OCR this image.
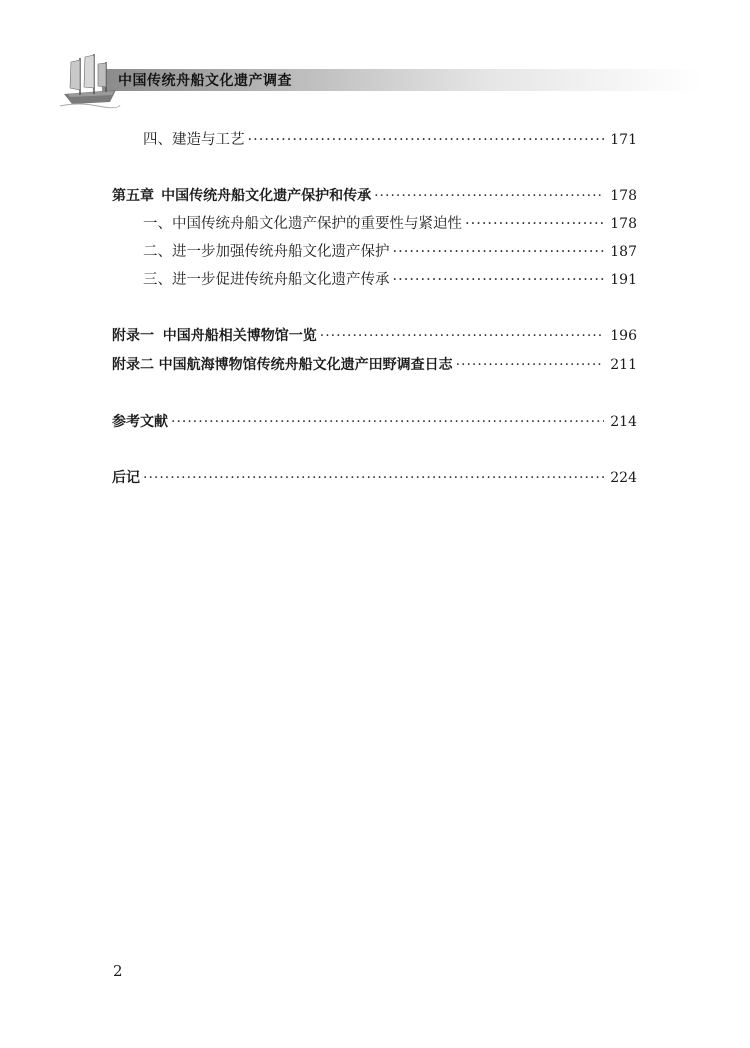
中国传统舟船文化遗产调查
四、建造与工艺 ·····	171
第五章 中国传统舟船文化遗产保护和传承 ·····	178
一、中国传统舟船文化遗产保护的重要性与紧迫性 ·····	178
二、进一步加强传统舟船文化遗产保护 ·····	187
三、进一步促进传统舟船文化遗产传承 ·····	191
附录一 中国舟船相关博物馆一览 ·····	196
附录二 中国航海博物馆传统舟船文化遗产田野调查日志 ·····	211
参考文献 ·····	214
后记 ·····	224
2
